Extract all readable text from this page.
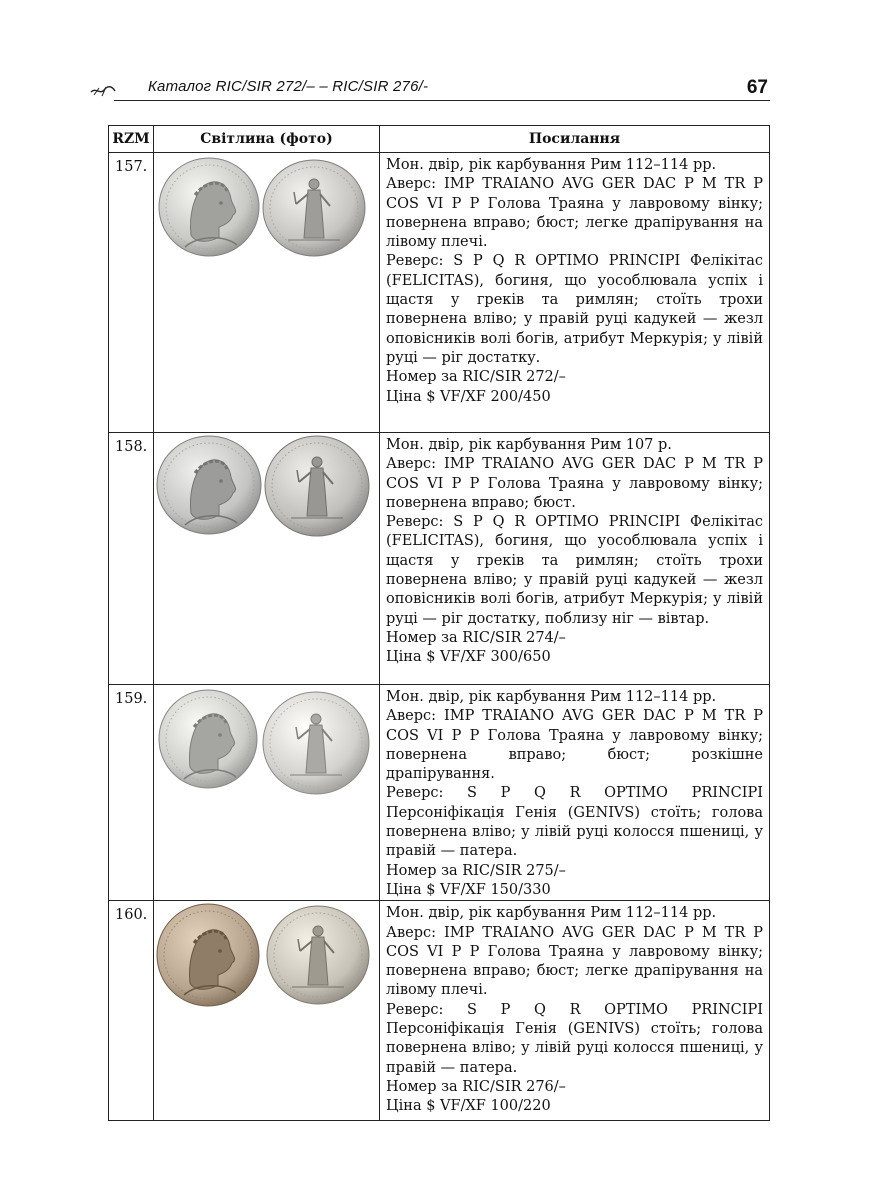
Каталог RIC/SIR 272/– – RIC/SIR 276/-	67
RZM	Світлина (фото)	Посилання
157.		Мон. двір, рік карбування Рим 112–114 рр.

Аверс: IMP TRAIANO AVG GER DAC P M TR P COS VI P P Голова Траяна у лавровому вінку; повернена вправо; бюст; легке драпірування на лівому плечі.

Реверс: S P Q R OPTIMO PRINCIPI Фелікітас (FELICITAS), богиня, що уособлювала успіх і щастя у греків та римлян; стоїть трохи повернена вліво; у правій руці кадукей — жезл оповісників волі богів, атрибут Меркурія; у лівій руці — ріг достатку.

Номер за RIC/SIR 272/–

Ціна $ VF/XF 200/450

158.		Мон. двір, рік карбування Рим 107 р.

Аверс: IMP TRAIANO AVG GER DAC P M TR P COS VI P P Голова Траяна у лавровому вінку; повернена вправо; бюст.

Реверс: S P Q R OPTIMO PRINCIPI Фелікітас (FELICITAS), богиня, що уособлювала успіх і щастя у греків та римлян; стоїть трохи повернена вліво; у правій руці кадукей — жезл оповісників волі богів, атрибут Меркурія; у лівій руці — ріг достатку, поблизу ніг — вівтар.

Номер за RIC/SIR 274/–

Ціна $ VF/XF 300/650

159.		Мон. двір, рік карбування Рим 112–114 рр.

Аверс: IMP TRAIANO AVG GER DAC P M TR P COS VI P P Голова Траяна у лавровому вінку; повернена вправо; бюст; розкішне драпірування.

Реверс: S P Q R OPTIMO PRINCIPI Персоніфікація Генія (GENIVS) стоїть; голова повернена вліво; у лівій руці колосся пшениці, у правій — патера.

Номер за RIC/SIR 275/–

Ціна $ VF/XF 150/330

160.		Мон. двір, рік карбування Рим 112–114 рр.

Аверс: IMP TRAIANO AVG GER DAC P M TR P COS VI P P Голова Траяна у лавровому вінку; повернена вправо; бюст; легке драпірування на лівому плечі.

Реверс: S P Q R OPTIMO PRINCIPI Персоніфікація Генія (GENIVS) стоїть; голова повернена вліво; у лівій руці колосся пшениці, у правій — патера.

Номер за RIC/SIR 276/–

Ціна $ VF/XF 100/220
